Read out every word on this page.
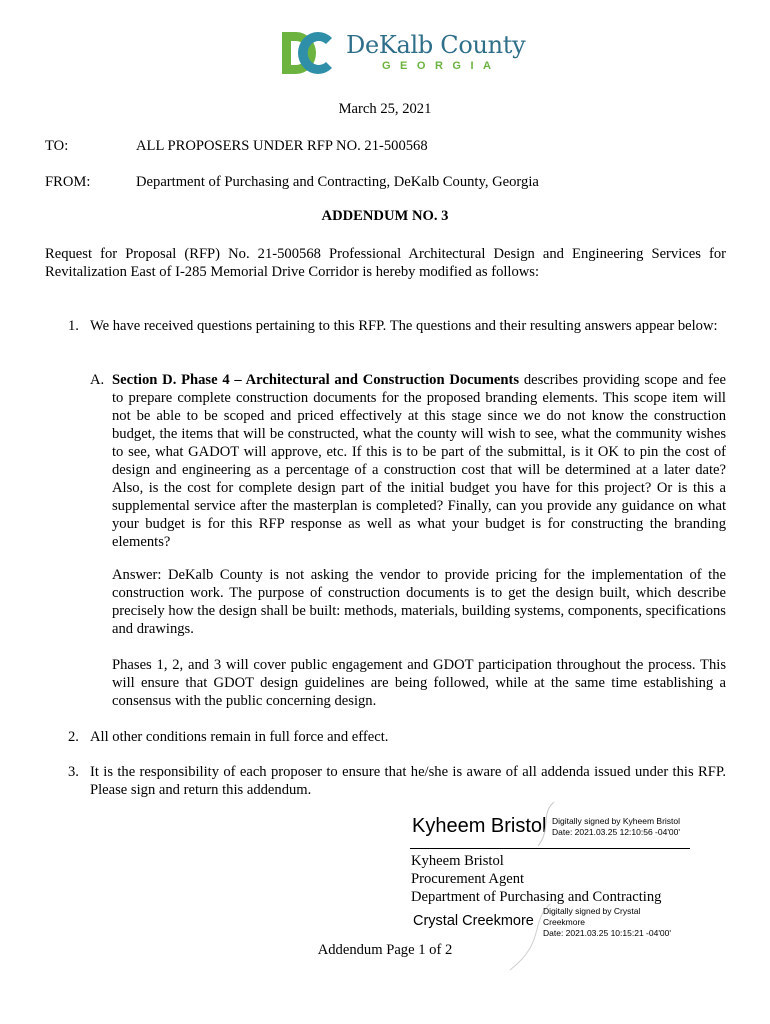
DeKalb County
GEORGIA
March 25, 2021
TO:	ALL PROPOSERS UNDER RFP NO. 21-500568
FROM:	Department of Purchasing and Contracting, DeKalb County, Georgia
ADDENDUM NO. 3
Request for Proposal (RFP) No. 21-500568 Professional Architectural Design and Engineering Services for Revitalization East of I-285 Memorial Drive Corridor is hereby modified as follows:
1. We have received questions pertaining to this RFP. The questions and their resulting answers appear below:
A. Section D. Phase 4 – Architectural and Construction Documents describes providing scope and fee to prepare complete construction documents for the proposed branding elements. This scope item will not be able to be scoped and priced effectively at this stage since we do not know the construction budget, the items that will be constructed, what the county will wish to see, what the community wishes to see, what GADOT will approve, etc. If this is to be part of the submittal, is it OK to pin the cost of design and engineering as a percentage of a construction cost that will be determined at a later date? Also, is the cost for complete design part of the initial budget you have for this project? Or is this a supplemental service after the masterplan is completed? Finally, can you provide any guidance on what your budget is for this RFP response as well as what your budget is for constructing the branding elements?
Answer: DeKalb County is not asking the vendor to provide pricing for the implementation of the construction work. The purpose of construction documents is to get the design built, which describe precisely how the design shall be built: methods, materials, building systems, components, specifications and drawings.
Phases 1, 2, and 3 will cover public engagement and GDOT participation throughout the process. This will ensure that GDOT design guidelines are being followed, while at the same time establishing a consensus with the public concerning design.
2. All other conditions remain in full force and effect.
3. It is the responsibility of each proposer to ensure that he/she is aware of all addenda issued under this RFP. Please sign and return this addendum.
Kyheem Bristol Digitally signed by Kyheem Bristol
Date: 2021.03.25 12:10:56 -04'00'
Kyheem Bristol
Procurement Agent
Department of Purchasing and Contracting
Crystal Creekmore
Digitally signed by Crystal
Creekmore
Date: 2021.03.25 10:15:21 -04'00'
Addendum Page 1 of 2
